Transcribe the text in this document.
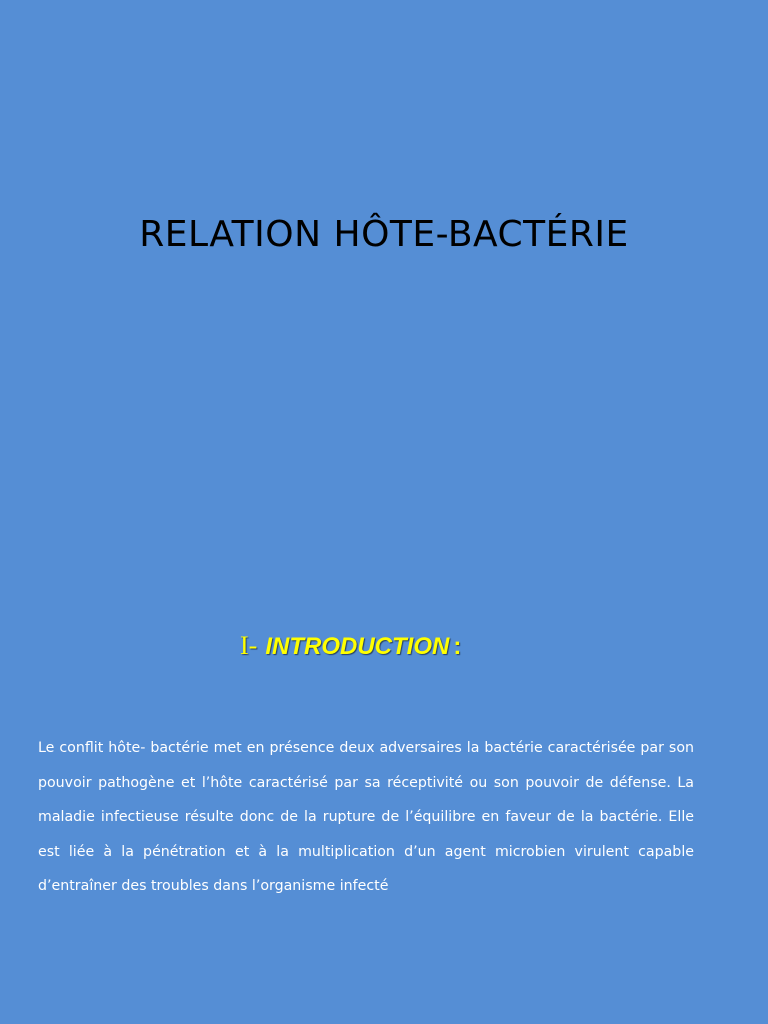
RELATION HÔTE-BACTÉRIE
I- INTRODUCTION :

Le conflit hôte- bactérie met en présence deux adversaires la bactérie caractérisée par son pouvoir pathogène et l’hôte caractérisé par sa réceptivité ou son pouvoir de défense. La maladie infectieuse résulte donc de la rupture de l’équilibre en faveur de la bactérie. Elle est liée à la pénétration et à la multiplication d’un agent microbien virulent capable d’entraîner des troubles dans l’organisme infecté
